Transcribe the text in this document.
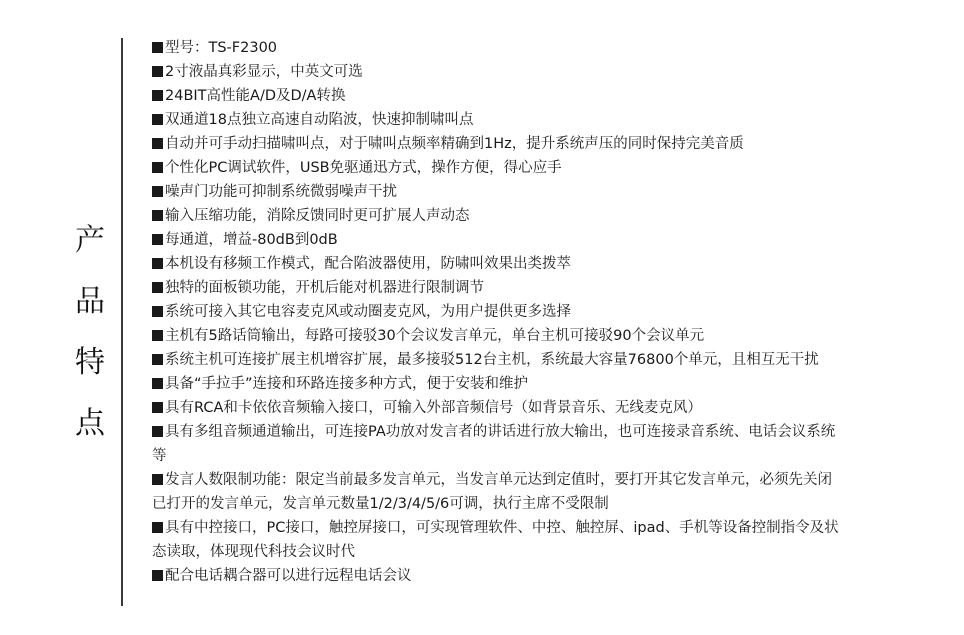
产
品
特
点
型号：TS-F2300
2寸液晶真彩显示，中英文可选
24BIT高性能A/D及D/A转换
双通道18点独立高速自动陷波，快速抑制啸叫点
自动并可手动扫描啸叫点，对于啸叫点频率精确到1Hz，提升系统声压的同时保持完美音质
个性化PC调试软件，USB免驱通迅方式，操作方便，得心应手
噪声门功能可抑制系统微弱噪声干扰
输入压缩功能，消除反馈同时更可扩展人声动态
每通道，增益-80dB到0dB
本机设有移频工作模式，配合陷波器使用，防啸叫效果出类拨萃
独特的面板锁功能，开机后能对机器进行限制调节
系统可接入其它电容麦克风或动圈麦克风，为用户提供更多选择
主机有5路话筒输出，每路可接驳30个会议发言单元，单台主机可接驳90个会议单元
系统主机可连接扩展主机增容扩展，最多接驳512台主机，系统最大容量76800个单元，且相互无干扰
具备“手拉手”连接和环路连接多种方式，便于安装和维护
具有RCA和卡依依音频输入接口，可输入外部音频信号（如背景音乐、无线麦克风）
具有多组音频通道输出，可连接PA功放对发言者的讲话进行放大输出，也可连接录音系统、电话会议系统等
发言人数限制功能：限定当前最多发言单元，当发言单元达到定值时，要打开其它发言单元，必须先关闭已打开的发言单元，发言单元数量1/2/3/4/5/6可调，执行主席不受限制
具有中控接口，PC接口，触控屏接口，可实现管理软件、中控、触控屏、ipad、手机等设备控制指令及状态读取，体现现代科技会议时代
配合电话耦合器可以进行远程电话会议
